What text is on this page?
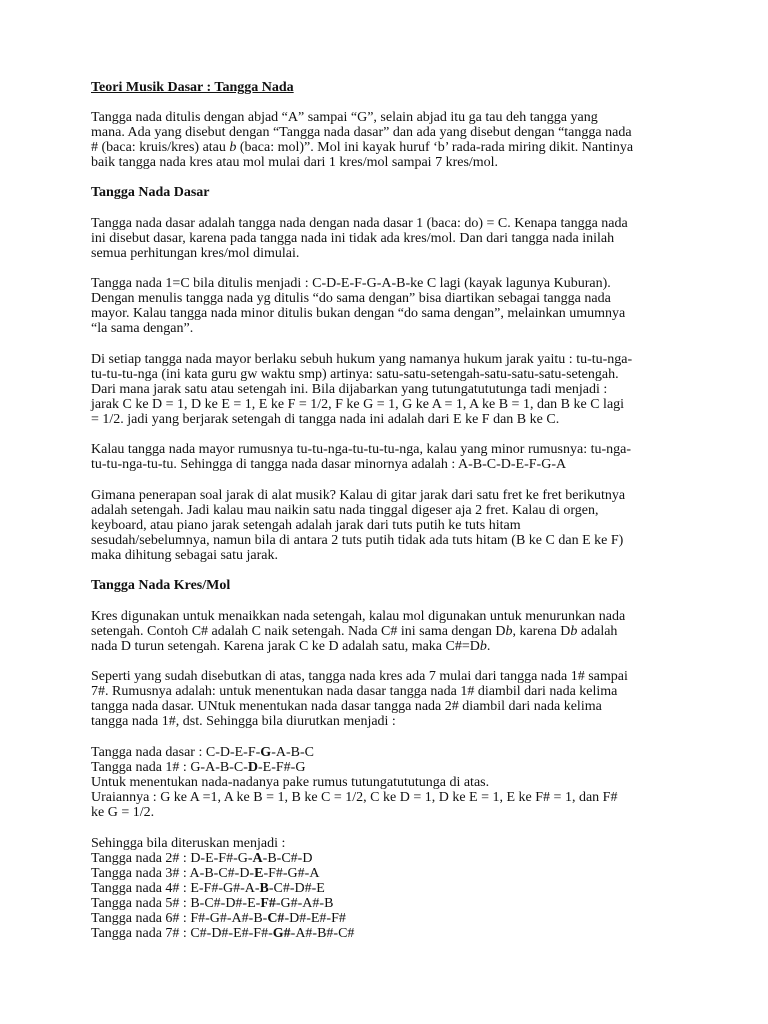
Teori Musik Dasar : Tangga Nada
Tangga nada ditulis dengan abjad “A” sampai “G”, selain abjad itu ga tau deh tangga yang
mana. Ada yang disebut dengan “Tangga nada dasar” dan ada yang disebut dengan “tangga nada
# (baca: kruis/kres) atau b (baca: mol)”. Mol ini kayak huruf ‘b’ rada-rada miring dikit. Nantinya
baik tangga nada kres atau mol mulai dari 1 kres/mol sampai 7 kres/mol.
Tangga Nada Dasar
Tangga nada dasar adalah tangga nada dengan nada dasar 1 (baca: do) = C. Kenapa tangga nada
ini disebut dasar, karena pada tangga nada ini tidak ada kres/mol. Dan dari tangga nada inilah
semua perhitungan kres/mol dimulai.
Tangga nada 1=C bila ditulis menjadi : C-D-E-F-G-A-B-ke C lagi (kayak lagunya Kuburan).
Dengan menulis tangga nada yg ditulis “do sama dengan” bisa diartikan sebagai tangga nada
mayor. Kalau tangga nada minor ditulis bukan dengan “do sama dengan”, melainkan umumnya
“la sama dengan”.
Di setiap tangga nada mayor berlaku sebuh hukum yang namanya hukum jarak yaitu : tu-tu-nga-
tu-tu-tu-nga (ini kata guru gw waktu smp) artinya: satu-satu-setengah-satu-satu-satu-setengah.
Dari mana jarak satu atau setengah ini. Bila dijabarkan yang tutungatututunga tadi menjadi :
jarak C ke D = 1, D ke E = 1, E ke F = 1/2, F ke G = 1, G ke A = 1, A ke B = 1, dan B ke C lagi
= 1/2. jadi yang berjarak setengah di tangga nada ini adalah dari E ke F dan B ke C.
Kalau tangga nada mayor rumusnya tu-tu-nga-tu-tu-tu-nga, kalau yang minor rumusnya: tu-nga-
tu-tu-nga-tu-tu. Sehingga di tangga nada dasar minornya adalah : A-B-C-D-E-F-G-A
Gimana penerapan soal jarak di alat musik? Kalau di gitar jarak dari satu fret ke fret berikutnya
adalah setengah. Jadi kalau mau naikin satu nada tinggal digeser aja 2 fret. Kalau di orgen,
keyboard, atau piano jarak setengah adalah jarak dari tuts putih ke tuts hitam
sesudah/sebelumnya, namun bila di antara 2 tuts putih tidak ada tuts hitam (B ke C dan E ke F)
maka dihitung sebagai satu jarak.
Tangga Nada Kres/Mol
Kres digunakan untuk menaikkan nada setengah, kalau mol digunakan untuk menurunkan nada
setengah. Contoh C# adalah C naik setengah. Nada C# ini sama dengan Db, karena Db adalah
nada D turun setengah. Karena jarak C ke D adalah satu, maka C#=Db.
Seperti yang sudah disebutkan di atas, tangga nada kres ada 7 mulai dari tangga nada 1# sampai
7#. Rumusnya adalah: untuk menentukan nada dasar tangga nada 1# diambil dari nada kelima
tangga nada dasar. UNtuk menentukan nada dasar tangga nada 2# diambil dari nada kelima
tangga nada 1#, dst. Sehingga bila diurutkan menjadi :
Tangga nada dasar : C-D-E-F-G-A-B-C
Tangga nada 1# : G-A-B-C-D-E-F#-G
Untuk menentukan nada-nadanya pake rumus tutungatututunga di atas.
Uraiannya : G ke A =1, A ke B = 1, B ke C = 1/2, C ke D = 1, D ke E = 1, E ke F# = 1, dan F#
ke G = 1/2.
Sehingga bila diteruskan menjadi :
Tangga nada 2# : D-E-F#-G-A-B-C#-D
Tangga nada 3# : A-B-C#-D-E-F#-G#-A
Tangga nada 4# : E-F#-G#-A-B-C#-D#-E
Tangga nada 5# : B-C#-D#-E-F#-G#-A#-B
Tangga nada 6# : F#-G#-A#-B-C#-D#-E#-F#
Tangga nada 7# : C#-D#-E#-F#-G#-A#-B#-C#
